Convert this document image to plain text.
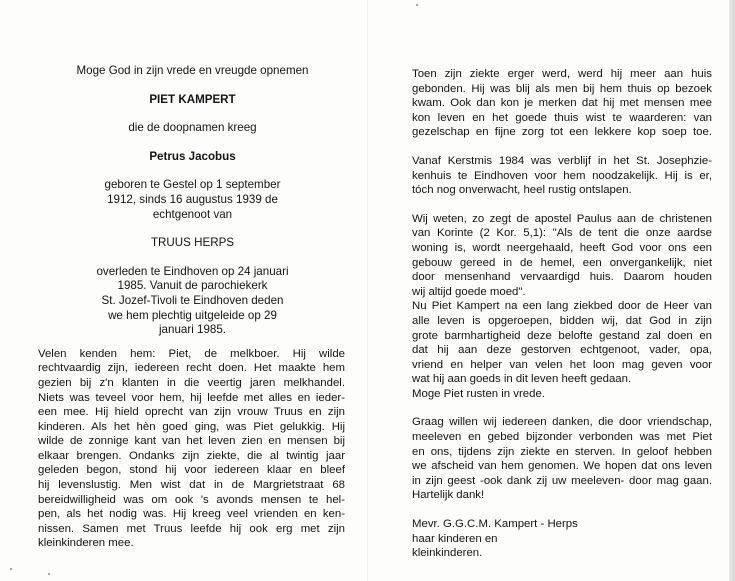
Moge God in zijn vrede en vreugde opnemen

PIET KAMPERT

die de doopnamen kreeg

Petrus Jacobus

geboren te Gestel op 1 september

1912, sinds 16 augustus 1939 de

echtgenoot van

TRUUS HERPS

overleden te Eindhoven op 24 januari

1985. Vanuit de parochiekerk

St. Jozef-Tivoli te Eindhoven deden

we hem plechtig uitgeleide op 29

januari 1985.

Velen kenden hem: Piet, de melkboer. Hij wilde
rechtvaardig zijn, iedereen recht doen. Het maakte hem
gezien bij z'n klanten in die veertig jaren melkhandel.
Niets was teveel voor hem, hij leefde met alles en ieder-
een mee. Hij hield oprecht van zijn vrouw Truus en zijn
kinderen. Als het hèn goed ging, was Piet gelukkig. Hij
wilde de zonnige kant van het leven zien en mensen bij
elkaar brengen. Ondanks zijn ziekte, die al twintig jaar
geleden begon, stond hij voor iedereen klaar en bleef
hij levenslustig. Men wist dat in de Margrietstraat 68
bereidwilligheid was om ook 's avonds mensen te hel-
pen, als het nodig was. Hij kreeg veel vrienden en ken-
nissen. Samen met Truus leefde hij ook erg met zijn
kleinkinderen mee.
Toen zijn ziekte erger werd, werd hij meer aan huis
gebonden. Hij was blij als men bij hem thuis op bezoek
kwam. Ook dan kon je merken dat hij met mensen mee
kon leven en het goede thuis wist te waarderen: van
gezelschap en fijne zorg tot een lekkere kop soep toe.
Vanaf Kerstmis 1984 was verblijf in het St. Josephzie-
kenhuis te Eindhoven voor hem noodzakelijk. Hij is er,
tóch nog onverwacht, heel rustig ontslapen.
Wij weten, zo zegt de apostel Paulus aan de christenen
van Korinte (2 Kor. 5,1): "Als de tent die onze aardse
woning is, wordt neergehaald, heeft God voor ons een
gebouw gereed in de hemel, een onvergankelijk, niet
door mensenhand vervaardigd huis. Daarom houden
wij altijd goede moed".
Nu Piet Kampert na een lang ziekbed door de Heer van
alle leven is opgeroepen, bidden wij, dat God in zijn
grote barmhartigheid deze belofte gestand zal doen en
dat hij aan deze gestorven echtgenoot, vader, opa,
vriend en helper van velen het loon mag geven voor
wat hij aan goeds in dit leven heeft gedaan.
Moge Piet rusten in vrede.
Graag willen wij iedereen danken, die door vriendschap,
meeleven en gebed bijzonder verbonden was met Piet
en ons, tijdens zijn ziekte en sterven. In geloof hebben
we afscheid van hem genomen. We hopen dat ons leven
in zijn geest -ook dank zij uw meeleven- door mag gaan.
Hartelijk dank!
Mevr. G.G.C.M. Kampert - Herps
haar kinderen en
kleinkinderen.
